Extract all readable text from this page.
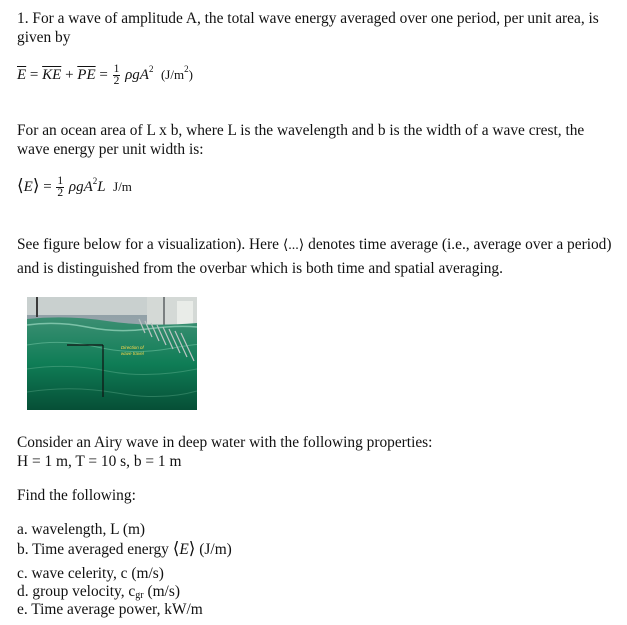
1. For a wave of amplitude A, the total wave energy averaged over one period, per unit area, is given by

$\overline{E} = \overline{KE} + \overline{PE} = \frac{1}{2} \rho gA^2$ $(J/m^2)$

For an ocean area of L x b, where L is the wavelength and b is the width of a wave crest, the wave energy per unit width is:

⟨E⟩ = $\frac{1}{2} \rho gA^2L$ J/m

See figure below for a visualization). Here ⟨...⟩ denotes time average (i.e., average over a period) and is distinguished from the overbar which is both time and spatial averaging.

Direction of
wave travel

Consider an Airy wave in deep water with the following properties:

H = 1 m, T = 10 s, b = 1 m

Find the following:

a. wavelength, L (m)
b. Time averaged energy ⟨E⟩ (J/m)
c. wave celerity, c (m/s)
d. group velocity, $c_{gr}$ (m/s)
e. Time average power, kW/m
